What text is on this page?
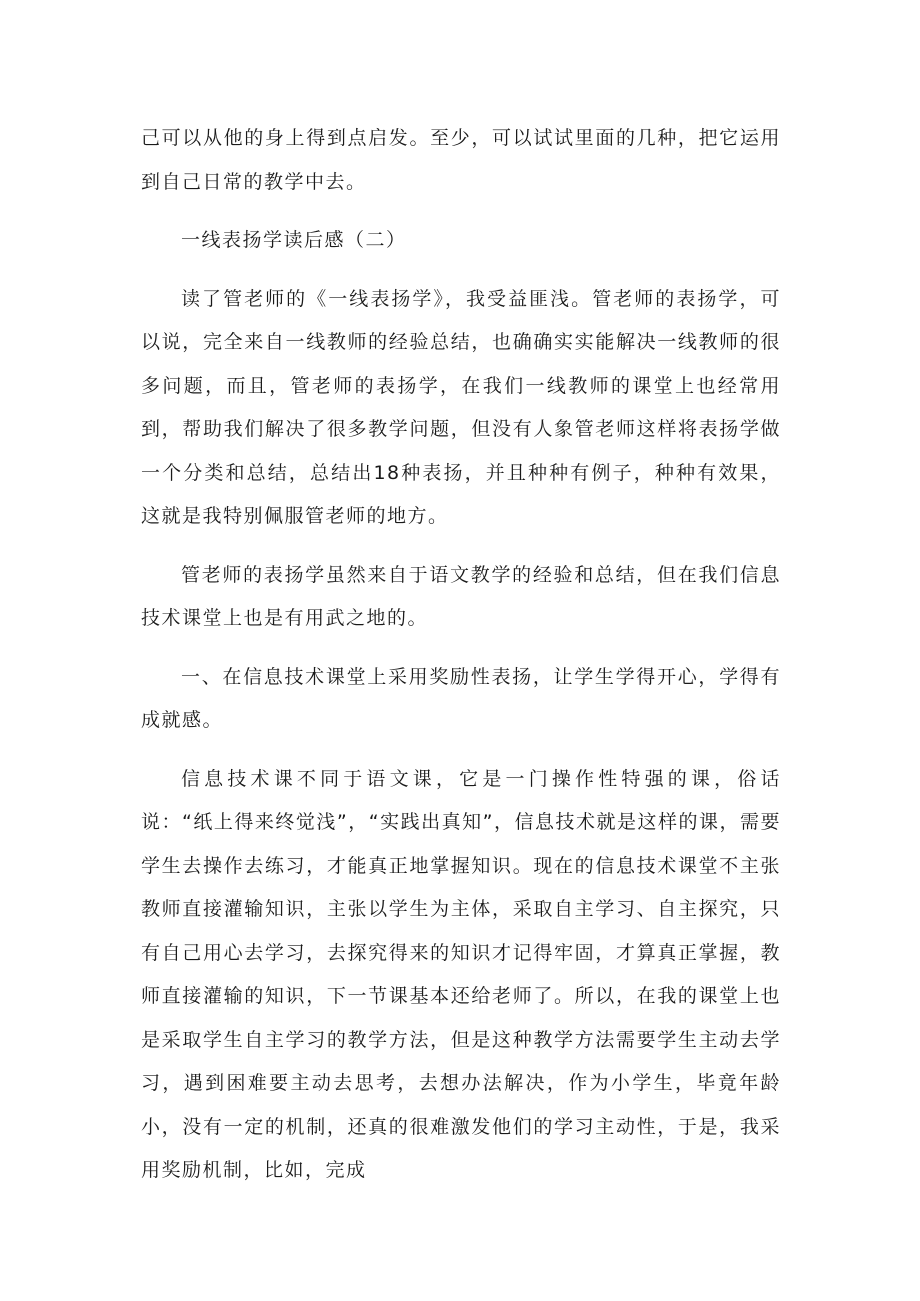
己可以从他的身上得到点启发。至少，可以试试里面的几种，把它运用到自己日常的教学中去。

一线表扬学读后感（二）

读了管老师的《一线表扬学》，我受益匪浅。管老师的表扬学，可以说，完全来自一线教师的经验总结，也确确实实能解决一线教师的很多问题，而且，管老师的表扬学，在我们一线教师的课堂上也经常用到，帮助我们解决了很多教学问题，但没有人象管老师这样将表扬学做一个分类和总结，总结出18种表扬，并且种种有例子，种种有效果，这就是我特别佩服管老师的地方。

管老师的表扬学虽然来自于语文教学的经验和总结，但在我们信息技术课堂上也是有用武之地的。

一、在信息技术课堂上采用奖励性表扬，让学生学得开心，学得有成就感。

信息技术课不同于语文课，它是一门操作性特强的课，俗话说：“纸上得来终觉浅”，“实践出真知”，信息技术就是这样的课，需要学生去操作去练习，才能真正地掌握知识。现在的信息技术课堂不主张教师直接灌输知识，主张以学生为主体，采取自主学习、自主探究，只有自己用心去学习，去探究得来的知识才记得牢固，才算真正掌握，教师直接灌输的知识，下一节课基本还给老师了。所以，在我的课堂上也是采取学生自主学习的教学方法，但是这种教学方法需要学生主动去学习，遇到困难要主动去思考，去想办法解决，作为小学生，毕竟年龄小，没有一定的机制，还真的很难激发他们的学习主动性，于是，我采用奖励机制，比如，完成
